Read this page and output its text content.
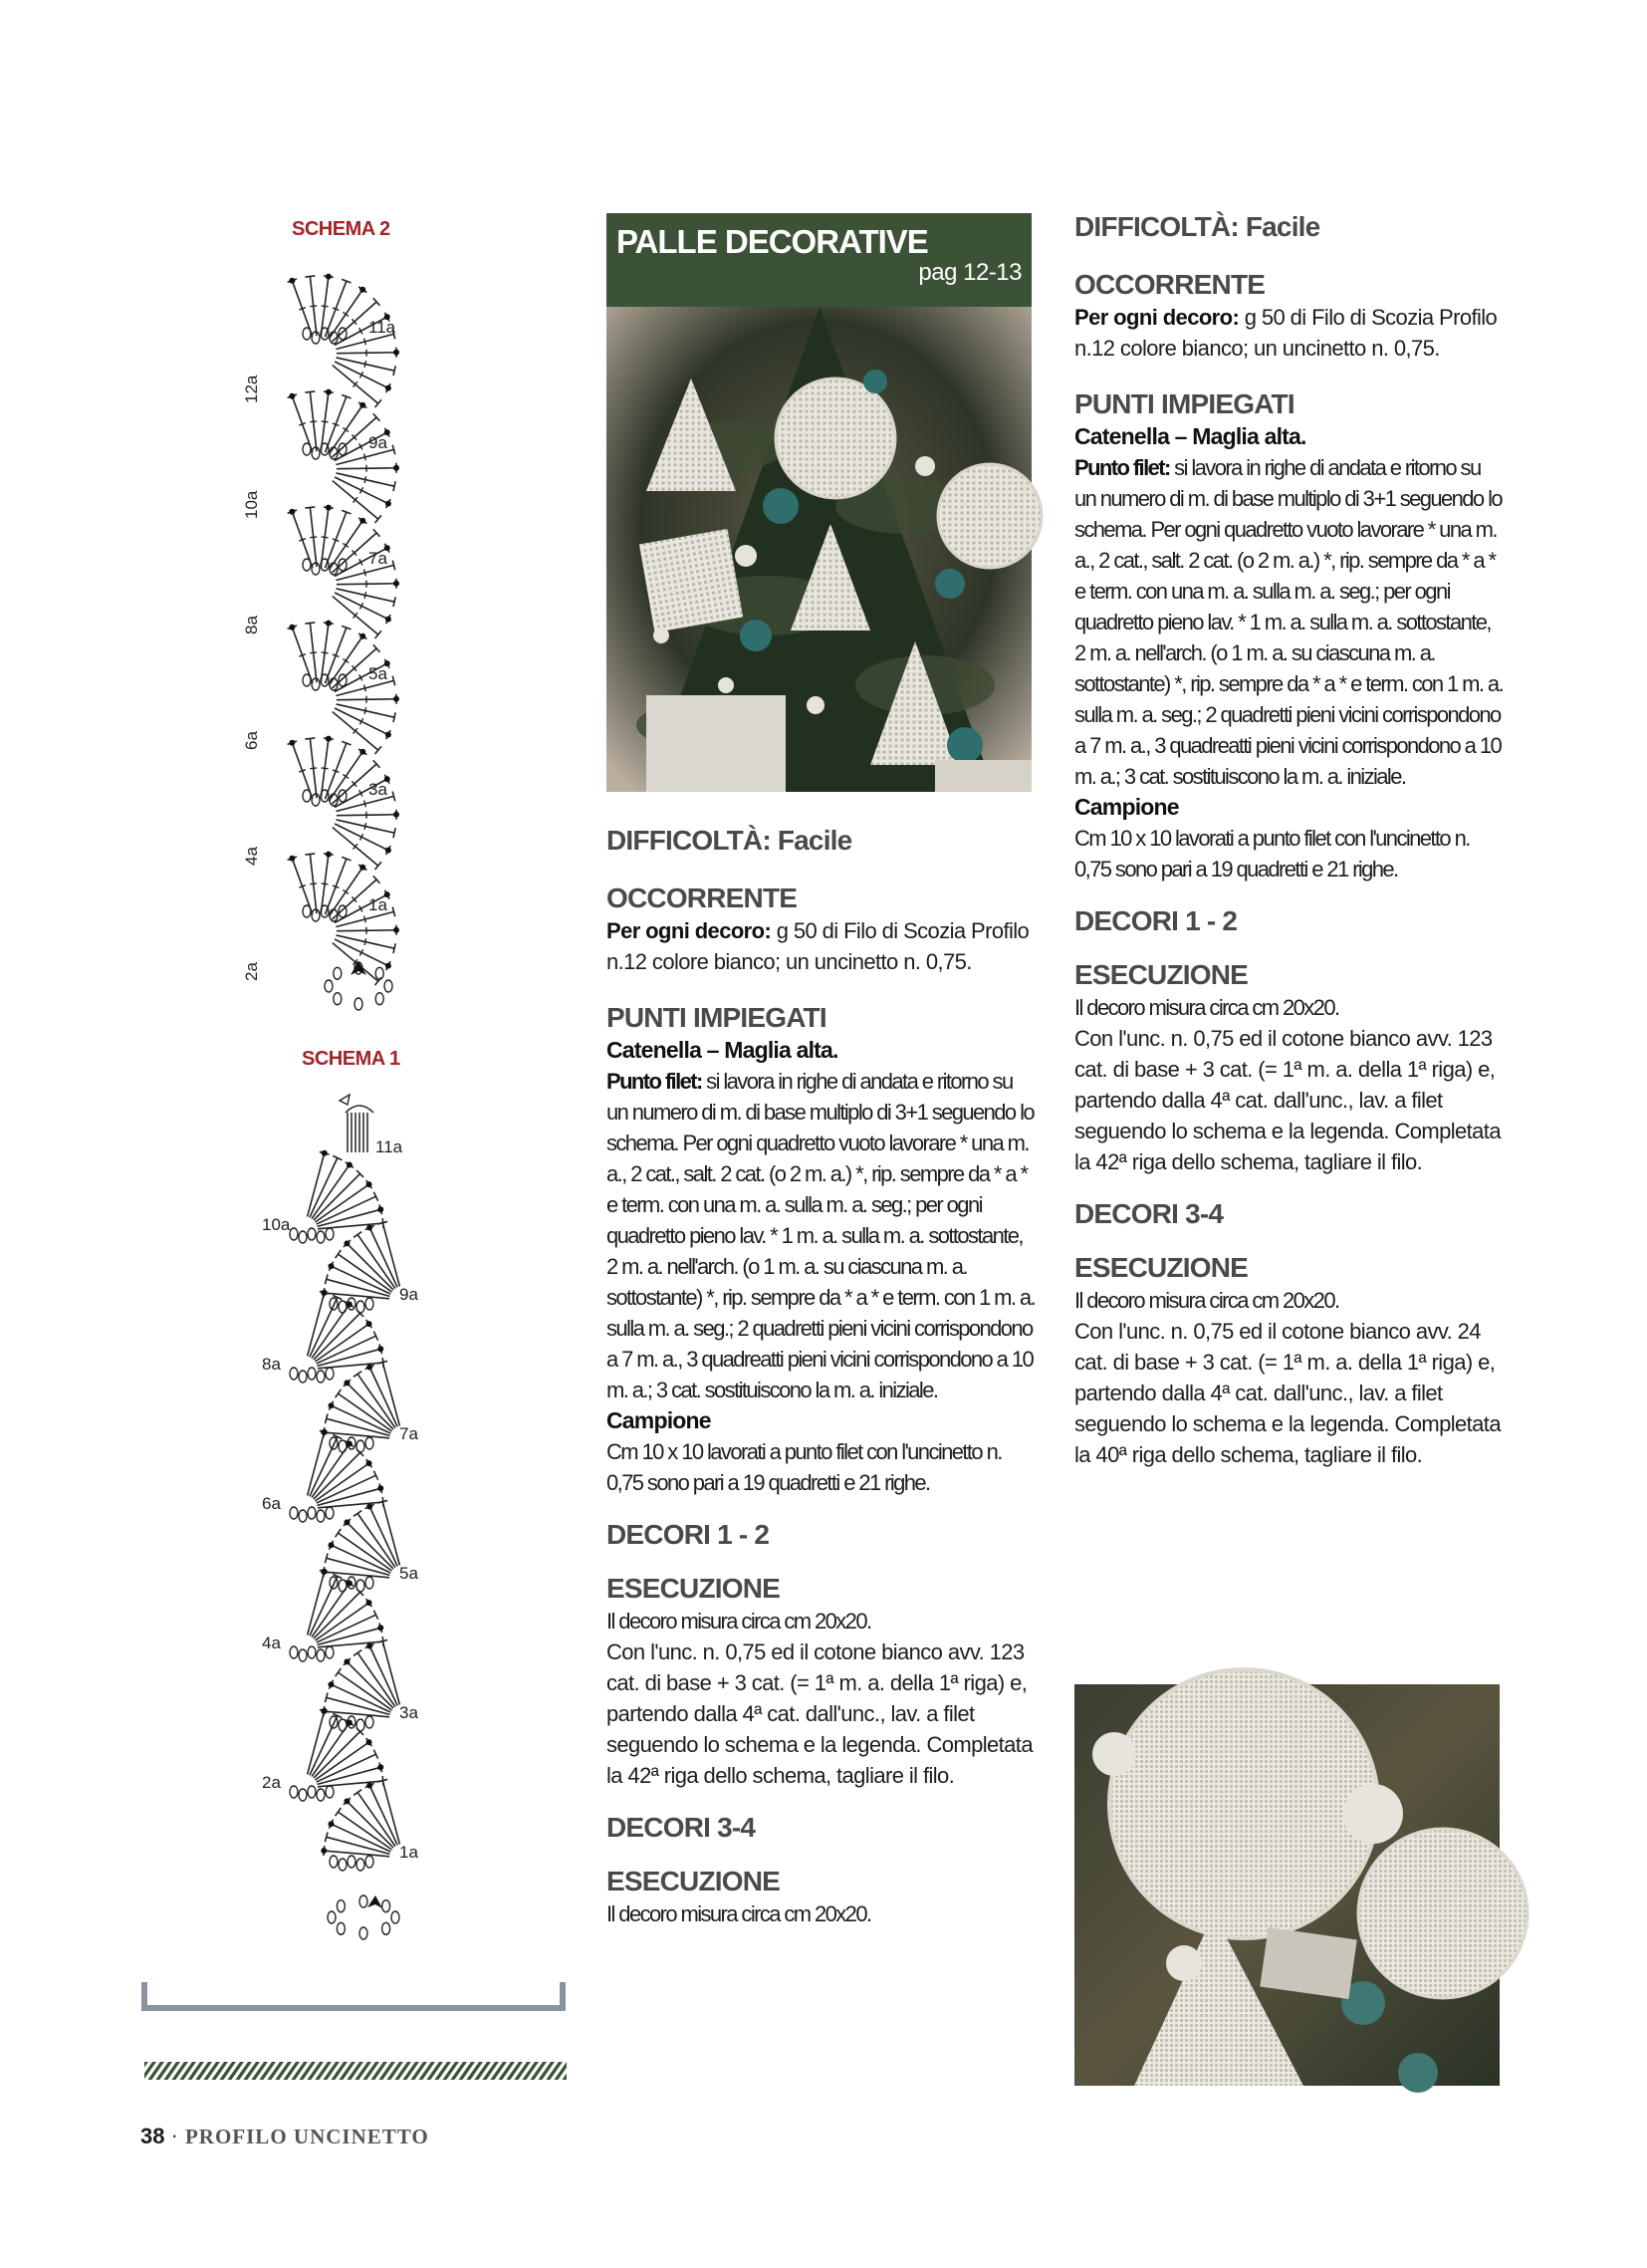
SCHEMA 2
12a
11a
10a
9a
8a
7a
6a
5a
4a
3a
2a
1a
SCHEMA 1
11a
10a
9a
8a
7a
6a
5a
4a
3a
2a
1a
PALLE DECORATIVE
pag 12-13
DIFFICOLTÀ: Facile
OCCORRENTE

Per ogni decoro: g 50 di Filo di Scozia Profilo n.12 colore bianco; un uncinetto n. 0,75.

PUNTI IMPIEGATI
Catenella – Maglia alta.

Punto filet: si lavora in righe di andata e ritorno su un numero di m. di base multiplo di 3+1 seguendo lo schema. Per ogni quadretto vuoto lavorare * una m. a., 2 cat., salt. 2 cat. (o 2 m. a.) *, rip. sempre da * a * e term. con una m. a. sulla m. a. seg.; per ogni quadretto pieno lav. * 1 m. a. sulla m. a. sottostante, 2 m. a. nell'arch. (o 1 m. a. su ciascuna m. a. sottostante) *, rip. sempre da * a * e term. con 1 m. a. sulla m. a. seg.; 2 quadretti pieni vicini corrispondono a 7 m. a., 3 quadreatti pieni vicini corrispondono a 10 m. a.; 3 cat. sostituiscono la m. a. iniziale.

Campione

Cm 10 x 10 lavorati a punto filet con l'uncinetto n. 0,75 sono pari a 19 quadretti e 21 righe.

DECORI 1 - 2
ESECUZIONE

Il decoro misura circa cm 20x20.

Con l'unc. n. 0,75 ed il cotone bianco avv. 123 cat. di base + 3 cat. (= 1ª m. a. della 1ª riga) e, partendo dalla 4ª cat. dall'unc., lav. a filet seguendo lo schema e la legenda. Completata la 42ª riga dello schema, tagliare il filo.

DECORI 3-4
ESECUZIONE

Il decoro misura circa cm 20x20.

DIFFICOLTÀ: Facile
OCCORRENTE

Per ogni decoro: g 50 di Filo di Scozia Profilo n.12 colore bianco; un uncinetto n. 0,75.

PUNTI IMPIEGATI
Catenella – Maglia alta.

Punto filet: si lavora in righe di andata e ritorno su un numero di m. di base multiplo di 3+1 seguendo lo schema. Per ogni quadretto vuoto lavorare * una m. a., 2 cat., salt. 2 cat. (o 2 m. a.) *, rip. sempre da * a * e term. con una m. a. sulla m. a. seg.; per ogni quadretto pieno lav. * 1 m. a. sulla m. a. sottostante, 2 m. a. nell'arch. (o 1 m. a. su ciascuna m. a. sottostante) *, rip. sempre da * a * e term. con 1 m. a. sulla m. a. seg.; 2 quadretti pieni vicini corrispondono a 7 m. a., 3 quadreatti pieni vicini corrispondono a 10 m. a.; 3 cat. sostituiscono la m. a. iniziale.

Campione

Cm 10 x 10 lavorati a punto filet con l'uncinetto n. 0,75 sono pari a 19 quadretti e 21 righe.

DECORI 1 - 2
ESECUZIONE

Il decoro misura circa cm 20x20.

Con l'unc. n. 0,75 ed il cotone bianco avv. 123 cat. di base + 3 cat. (= 1ª m. a. della 1ª riga) e, partendo dalla 4ª cat. dall'unc., lav. a filet seguendo lo schema e la legenda. Completata la 42ª riga dello schema, tagliare il filo.

DECORI 3-4
ESECUZIONE

Il decoro misura circa cm 20x20.

Con l'unc. n. 0,75 ed il cotone bianco avv. 24 cat. di base + 3 cat. (= 1ª m. a. della 1ª riga) e, partendo dalla 4ª cat. dall'unc., lav. a filet seguendo lo schema e la legenda. Completata la 40ª riga dello schema, tagliare il filo.

38 · PROFILO UNCINETTO
